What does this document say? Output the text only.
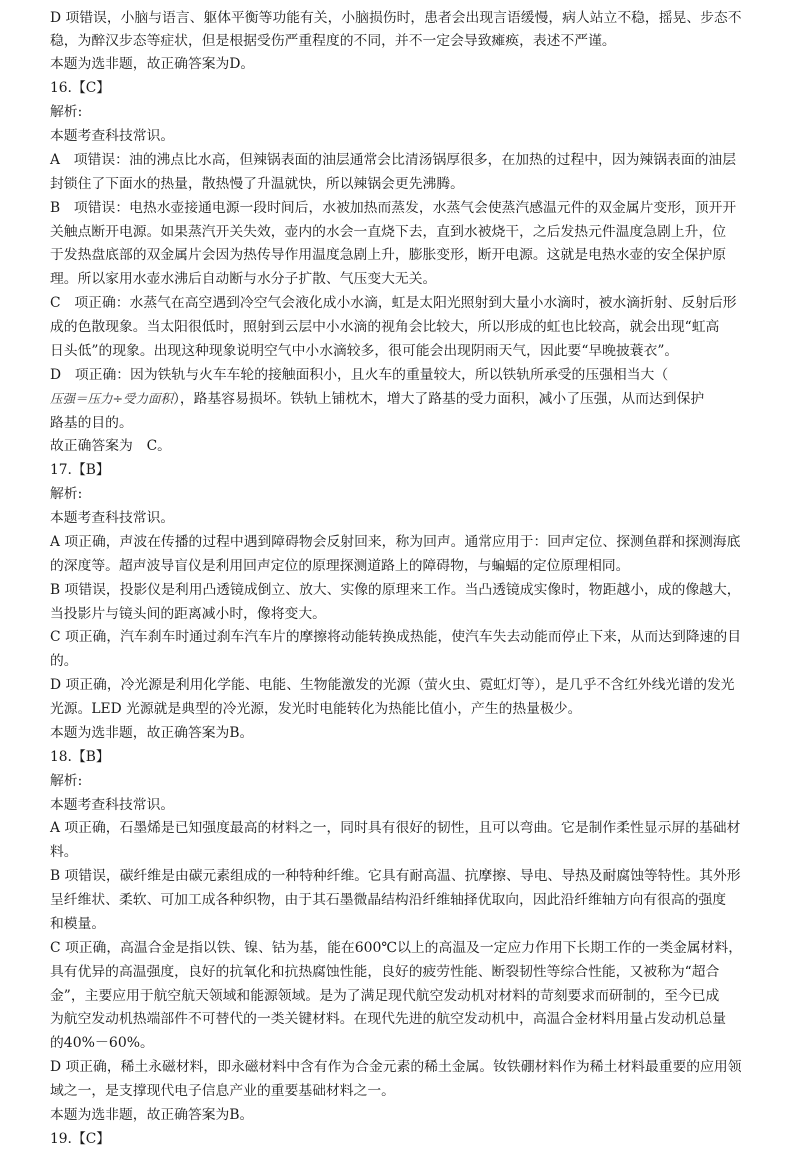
D 项错误，小脑与语言、躯体平衡等功能有关，小脑损伤时，患者会出现言语缓慢，病人站立不稳，摇晃、步态不
稳，为醉汉步态等症状，但是根据受伤严重程度的不同，并不一定会导致瘫痪，表述不严谨。
本题为选非题，故正确答案为D。
16.【C】
解析:
本题考查科技常识。
A　项错误：油的沸点比水高，但辣锅表面的油层通常会比清汤锅厚很多，在加热的过程中，因为辣锅表面的油层
封锁住了下面水的热量，散热慢了升温就快，所以辣锅会更先沸腾。
B　项错误：电热水壶接通电源一段时间后，水被加热而蒸发，水蒸气会使蒸汽感温元件的双金属片变形，顶开开
关触点断开电源。如果蒸汽开关失效，壶内的水会一直烧下去，直到水被烧干，之后发热元件温度急剧上升，位
于发热盘底部的双金属片会因为热传导作用温度急剧上升，膨胀变形，断开电源。这就是电热水壶的安全保护原
理。所以家用水壶水沸后自动断与水分子扩散、气压变大无关。
C　项正确：水蒸气在高空遇到冷空气会液化成小水滴，虹是太阳光照射到大量小水滴时，被水滴折射、反射后形
成的色散现象。当太阳很低时，照射到云层中小水滴的视角会比较大，所以形成的虹也比较高，就会出现“虹高
日头低”的现象。出现这种现象说明空气中小水滴较多，很可能会出现阴雨天气，因此要“早晚披蓑衣”。
D　项正确：因为铁轨与火车车轮的接触面积小，且火车的重量较大，所以铁轨所承受的压强相当大（
压强＝压力÷受力面积），路基容易损坏。铁轨上铺枕木，增大了路基的受力面积，减小了压强，从而达到保护
路基的目的。
故正确答案为　C。
17.【B】
解析:
本题考查科技常识。
A 项正确，声波在传播的过程中遇到障碍物会反射回来，称为回声。通常应用于：回声定位、探测鱼群和探测海底
的深度等。超声波导盲仪是利用回声定位的原理探测道路上的障碍物，与蝙蝠的定位原理相同。
B 项错误，投影仪是利用凸透镜成倒立、放大、实像的原理来工作。当凸透镜成实像时，物距越小，成的像越大，
当投影片与镜头间的距离减小时，像将变大。
C 项正确，汽车刹车时通过刹车汽车片的摩擦将动能转换成热能，使汽车失去动能而停止下来，从而达到降速的目
的。
D 项正确，冷光源是利用化学能、电能、生物能激发的光源（萤火虫、霓虹灯等），是几乎不含红外线光谱的发光
光源。LED 光源就是典型的冷光源，发光时电能转化为热能比值小，产生的热量极少。
本题为选非题，故正确答案为B。
18.【B】
解析:
本题考查科技常识。
A 项正确，石墨烯是已知强度最高的材料之一，同时具有很好的韧性，且可以弯曲。它是制作柔性显示屏的基础材
料。
B 项错误，碳纤维是由碳元素组成的一种特种纤维。它具有耐高温、抗摩擦、导电、导热及耐腐蚀等特性。其外形
呈纤维状、柔软、可加工成各种织物，由于其石墨微晶结构沿纤维轴择优取向，因此沿纤维轴方向有很高的强度
和模量。
C 项正确，高温合金是指以铁、镍、钴为基，能在600℃以上的高温及一定应力作用下长期工作的一类金属材料，
具有优异的高温强度，良好的抗氧化和抗热腐蚀性能，良好的疲劳性能、断裂韧性等综合性能，又被称为“超合
金”，主要应用于航空航天领域和能源领域。是为了满足现代航空发动机对材料的苛刻要求而研制的，至今已成
为航空发动机热端部件不可替代的一类关键材料。在现代先进的航空发动机中，高温合金材料用量占发动机总量
的40%－60%。
D 项正确，稀土永磁材料，即永磁材料中含有作为合金元素的稀土金属。钕铁硼材料作为稀土材料最重要的应用领
域之一，是支撑现代电子信息产业的重要基础材料之一。
本题为选非题，故正确答案为B。
19.【C】
